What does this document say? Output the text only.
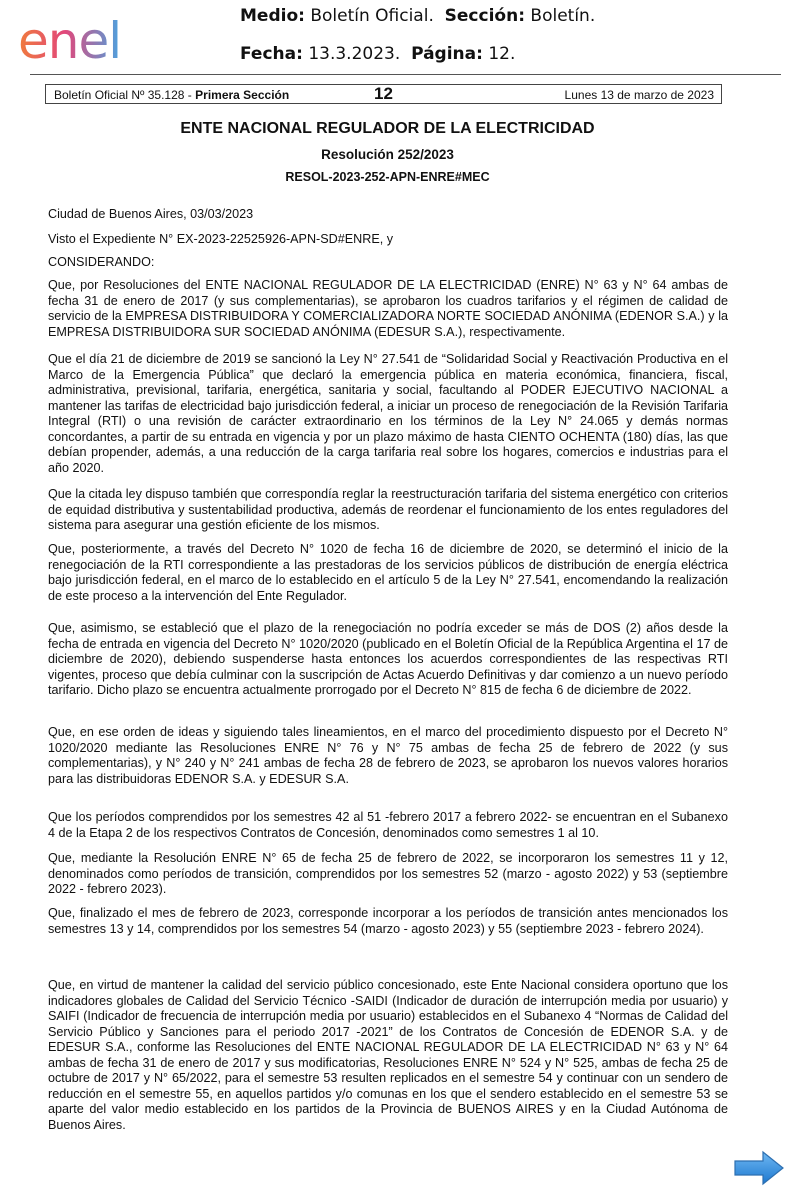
enel	Medio: Boletín Oficial. Sección: Boletín.
Fecha: 13.3.2023. Página: 12.
Boletín Oficial Nº 35.128 - Primera Sección	12	Lunes 13 de marzo de 2023
ENTE NACIONAL REGULADOR DE LA ELECTRICIDAD
Resolución 252/2023
RESOL-2023-252-APN-ENRE#MEC

Ciudad de Buenos Aires, 03/03/2023

Visto el Expediente N° EX-2023-22525926-APN-SD#ENRE, y

CONSIDERANDO:

Que, por Resoluciones del ENTE NACIONAL REGULADOR DE LA ELECTRICIDAD (ENRE) N° 63 y N° 64 ambas de fecha 31 de enero de 2017 (y sus complementarias), se aprobaron los cuadros tarifarios y el régimen de calidad de servicio de la EMPRESA DISTRIBUIDORA Y COMERCIALIZADORA NORTE SOCIEDAD ANÓNIMA (EDENOR S.A.) y la EMPRESA DISTRIBUIDORA SUR SOCIEDAD ANÓNIMA (EDESUR S.A.), respectivamente.

Que el día 21 de diciembre de 2019 se sancionó la Ley N° 27.541 de “Solidaridad Social y Reactivación Productiva en el Marco de la Emergencia Pública” que declaró la emergencia pública en materia económica, financiera, fiscal, administrativa, previsional, tarifaria, energética, sanitaria y social, facultando al PODER EJECUTIVO NACIONAL a mantener las tarifas de electricidad bajo jurisdicción federal, a iniciar un proceso de renegociación de la Revisión Tarifaria Integral (RTI) o una revisión de carácter extraordinario en los términos de la Ley N° 24.065 y demás normas concordantes, a partir de su entrada en vigencia y por un plazo máximo de hasta CIENTO OCHENTA (180) días, las que debían propender, además, a una reducción de la carga tarifaria real sobre los hogares, comercios e industrias para el año 2020.

Que la citada ley dispuso también que correspondía reglar la reestructuración tarifaria del sistema energético con criterios de equidad distributiva y sustentabilidad productiva, además de reordenar el funcionamiento de los entes reguladores del sistema para asegurar una gestión eficiente de los mismos.

Que, posteriormente, a través del Decreto N° 1020 de fecha 16 de diciembre de 2020, se determinó el inicio de la renegociación de la RTI correspondiente a las prestadoras de los servicios públicos de distribución de energía eléctrica bajo jurisdicción federal, en el marco de lo establecido en el artículo 5 de la Ley N° 27.541, encomendando la realización de este proceso a la intervención del Ente Regulador.

Que, asimismo, se estableció que el plazo de la renegociación no podría exceder se más de DOS (2) años desde la fecha de entrada en vigencia del Decreto N° 1020/2020 (publicado en el Boletín Oficial de la República Argentina el 17 de diciembre de 2020), debiendo suspenderse hasta entonces los acuerdos correspondientes de las respectivas RTI vigentes, proceso que debía culminar con la suscripción de Actas Acuerdo Definitivas y dar comienzo a un nuevo período tarifario. Dicho plazo se encuentra actualmente prorrogado por el Decreto N° 815 de fecha 6 de diciembre de 2022.

Que, en ese orden de ideas y siguiendo tales lineamientos, en el marco del procedimiento dispuesto por el Decreto N° 1020/2020 mediante las Resoluciones ENRE N° 76 y N° 75 ambas de fecha 25 de febrero de 2022 (y sus complementarias), y N° 240 y N° 241 ambas de fecha 28 de febrero de 2023, se aprobaron los nuevos valores horarios para las distribuidoras EDENOR S.A. y EDESUR S.A.

Que los períodos comprendidos por los semestres 42 al 51 -febrero 2017 a febrero 2022- se encuentran en el Subanexo 4 de la Etapa 2 de los respectivos Contratos de Concesión, denominados como semestres 1 al 10.

Que, mediante la Resolución ENRE N° 65 de fecha 25 de febrero de 2022, se incorporaron los semestres 11 y 12, denominados como períodos de transición, comprendidos por los semestres 52 (marzo - agosto 2022) y 53 (septiembre 2022 - febrero 2023).

Que, finalizado el mes de febrero de 2023, corresponde incorporar a los períodos de transición antes mencionados los semestres 13 y 14, comprendidos por los semestres 54 (marzo - agosto 2023) y 55 (septiembre 2023 - febrero 2024).

Que, en virtud de mantener la calidad del servicio público concesionado, este Ente Nacional considera oportuno que los indicadores globales de Calidad del Servicio Técnico -SAIDI (Indicador de duración de interrupción media por usuario) y SAIFI (Indicador de frecuencia de interrupción media por usuario) establecidos en el Subanexo 4 “Normas de Calidad del Servicio Público y Sanciones para el periodo 2017 -2021” de los Contratos de Concesión de EDENOR S.A. y de EDESUR S.A., conforme las Resoluciones del ENTE NACIONAL REGULADOR DE LA ELECTRICIDAD N° 63 y N° 64 ambas de fecha 31 de enero de 2017 y sus modificatorias, Resoluciones ENRE N° 524 y N° 525, ambas de fecha 25 de octubre de 2017 y N° 65/2022, para el semestre 53 resulten replicados en el semestre 54 y continuar con un sendero de reducción en el semestre 55, en aquellos partidos y/o comunas en los que el sendero establecido en el semestre 53 se aparte del valor medio establecido en los partidos de la Provincia de BUENOS AIRES y en la Ciudad Autónoma de Buenos Aires.
